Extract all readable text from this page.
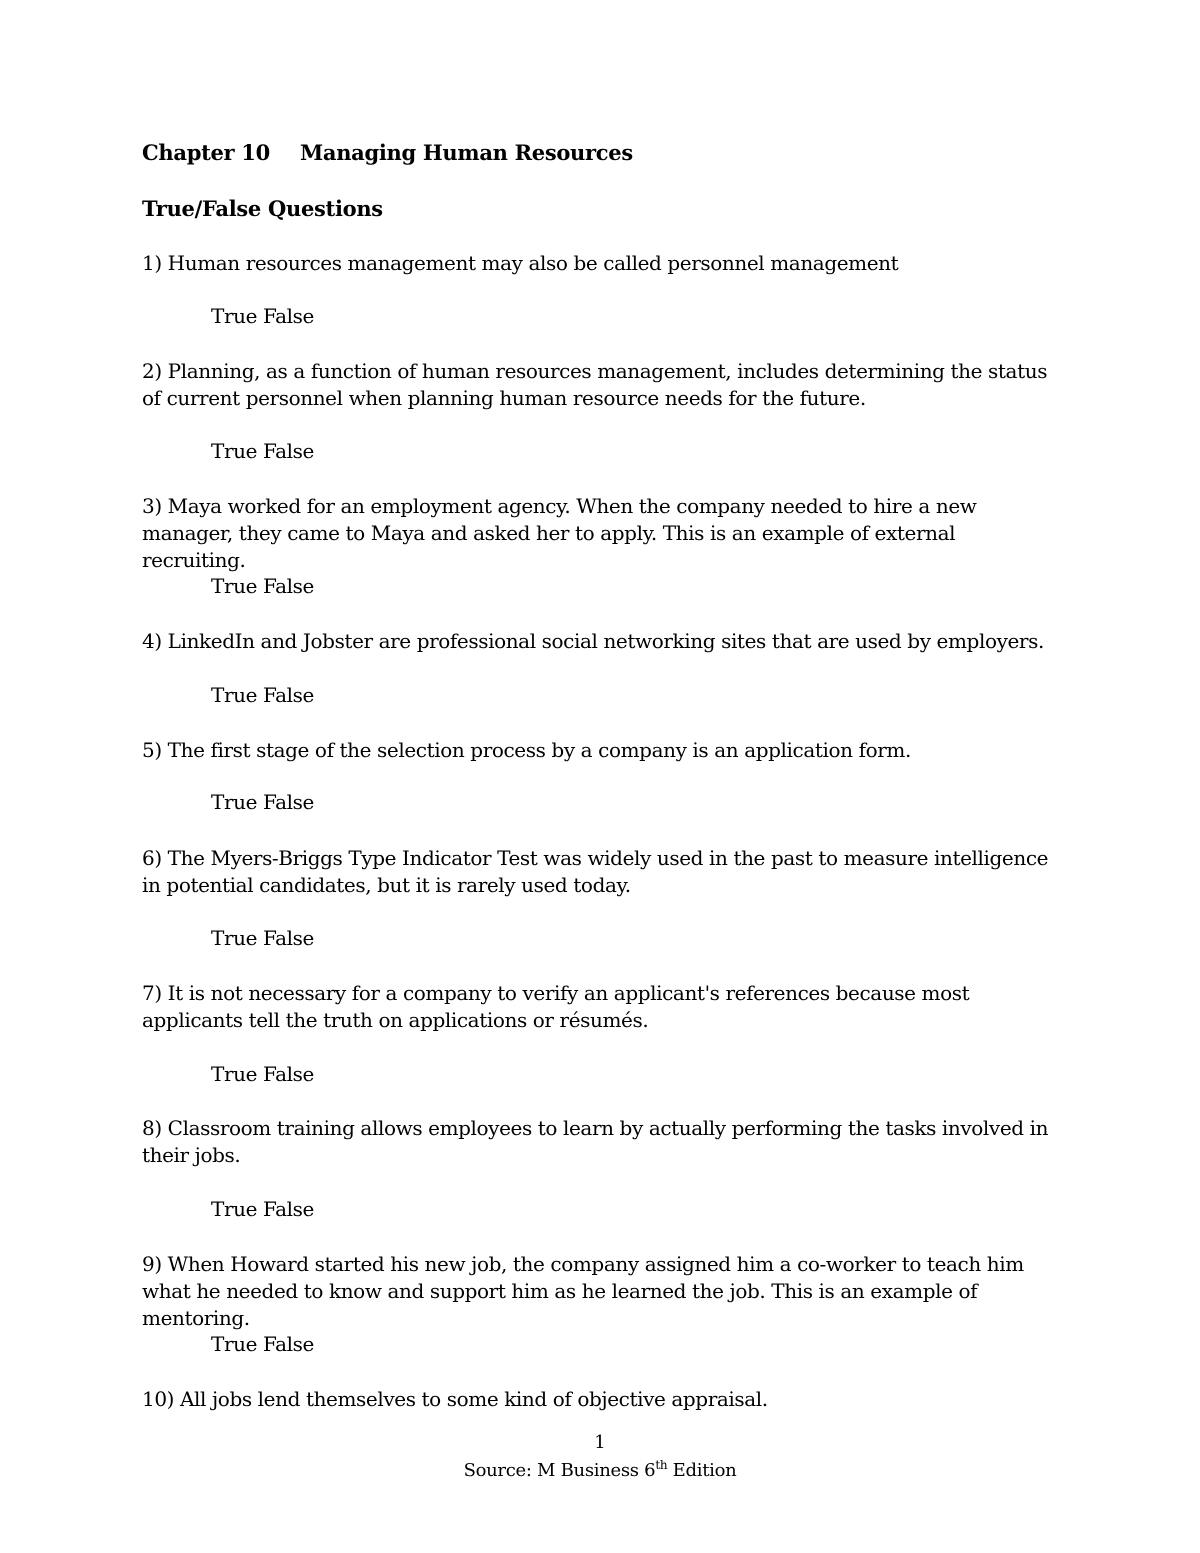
Chapter 10 Managing Human Resources
True/False Questions
1) Human resources management may also be called personnel management
True False
2) Planning, as a function of human resources management, includes determining the status of current personnel when planning human resource needs for the future.
True False
3) Maya worked for an employment agency. When the company needed to hire a new manager, they came to Maya and asked her to apply. This is an example of external recruiting.
True False
4) LinkedIn and Jobster are professional social networking sites that are used by employers.
True False
5) The first stage of the selection process by a company is an application form.
True False
6) The Myers-Briggs Type Indicator Test was widely used in the past to measure intelligence in potential candidates, but it is rarely used today.
True False
7) It is not necessary for a company to verify an applicant's references because most applicants tell the truth on applications or résumés.
True False
8) Classroom training allows employees to learn by actually performing the tasks involved in their jobs.
True False
9) When Howard started his new job, the company assigned him a co-worker to teach him what he needed to know and support him as he learned the job. This is an example of mentoring.
True False
10) All jobs lend themselves to some kind of objective appraisal.
1
Source: M Business 6th Edition
